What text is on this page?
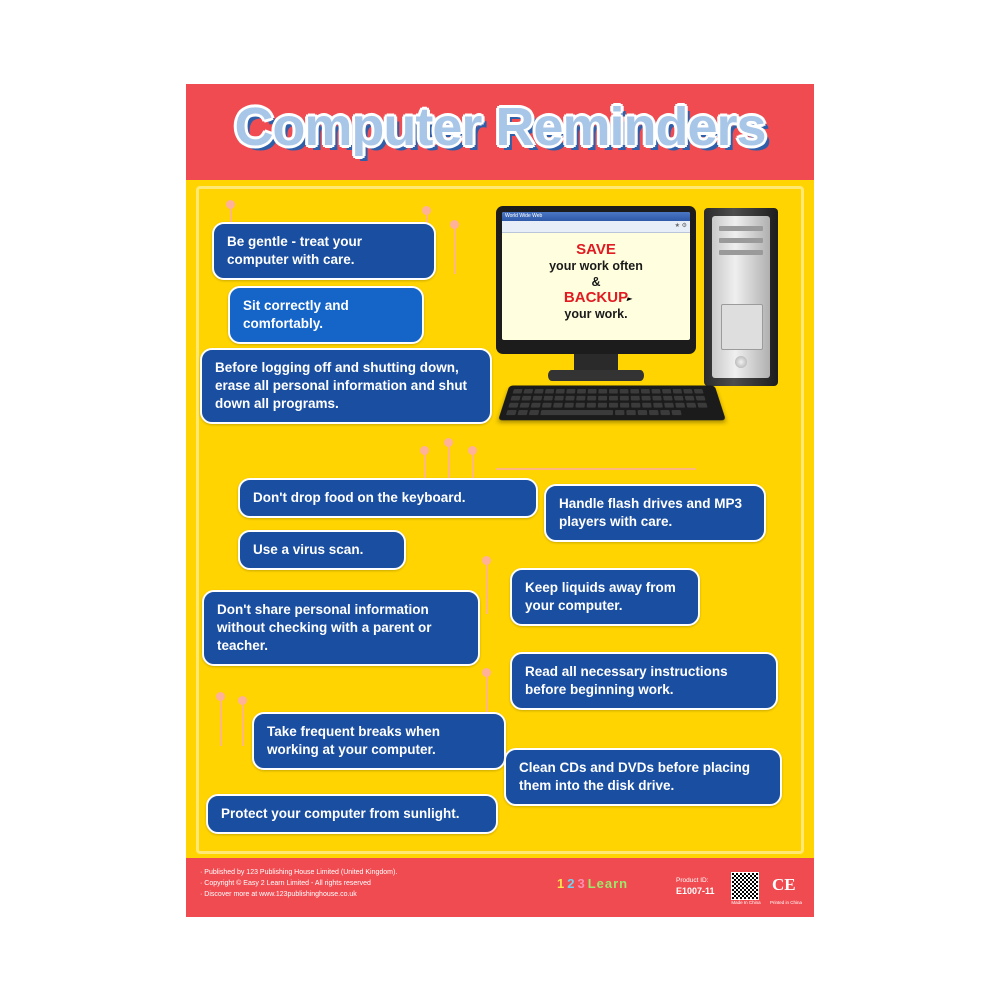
Computer Reminders
World Wide Web
★ ⚙
SAVE
your work often
&
BACKUP
your work.
Be gentle - treat your computer with care.
Sit correctly and comfortably.
Before logging off and shutting down, erase all personal information and shut down all programs.
Don't drop food on the keyboard.	Handle flash drives and MP3 players with care.
Use a virus scan.
Keep liquids away from your computer.
Don't share personal information without checking with a parent or teacher.
Read all necessary instructions before beginning work.
Take frequent breaks when working at your computer.
Clean CDs and DVDs before placing them into the disk drive.
Protect your computer from sunlight.
· Published by 123 Publishing House Limited (United Kingdom).
· Copyright © Easy 2 Learn Limited - All rights reserved
· Discover more at www.123publishinghouse.co.uk
1 2 3 Learn	Product ID:
E1007-11
Made In China
CE
Printed in China
